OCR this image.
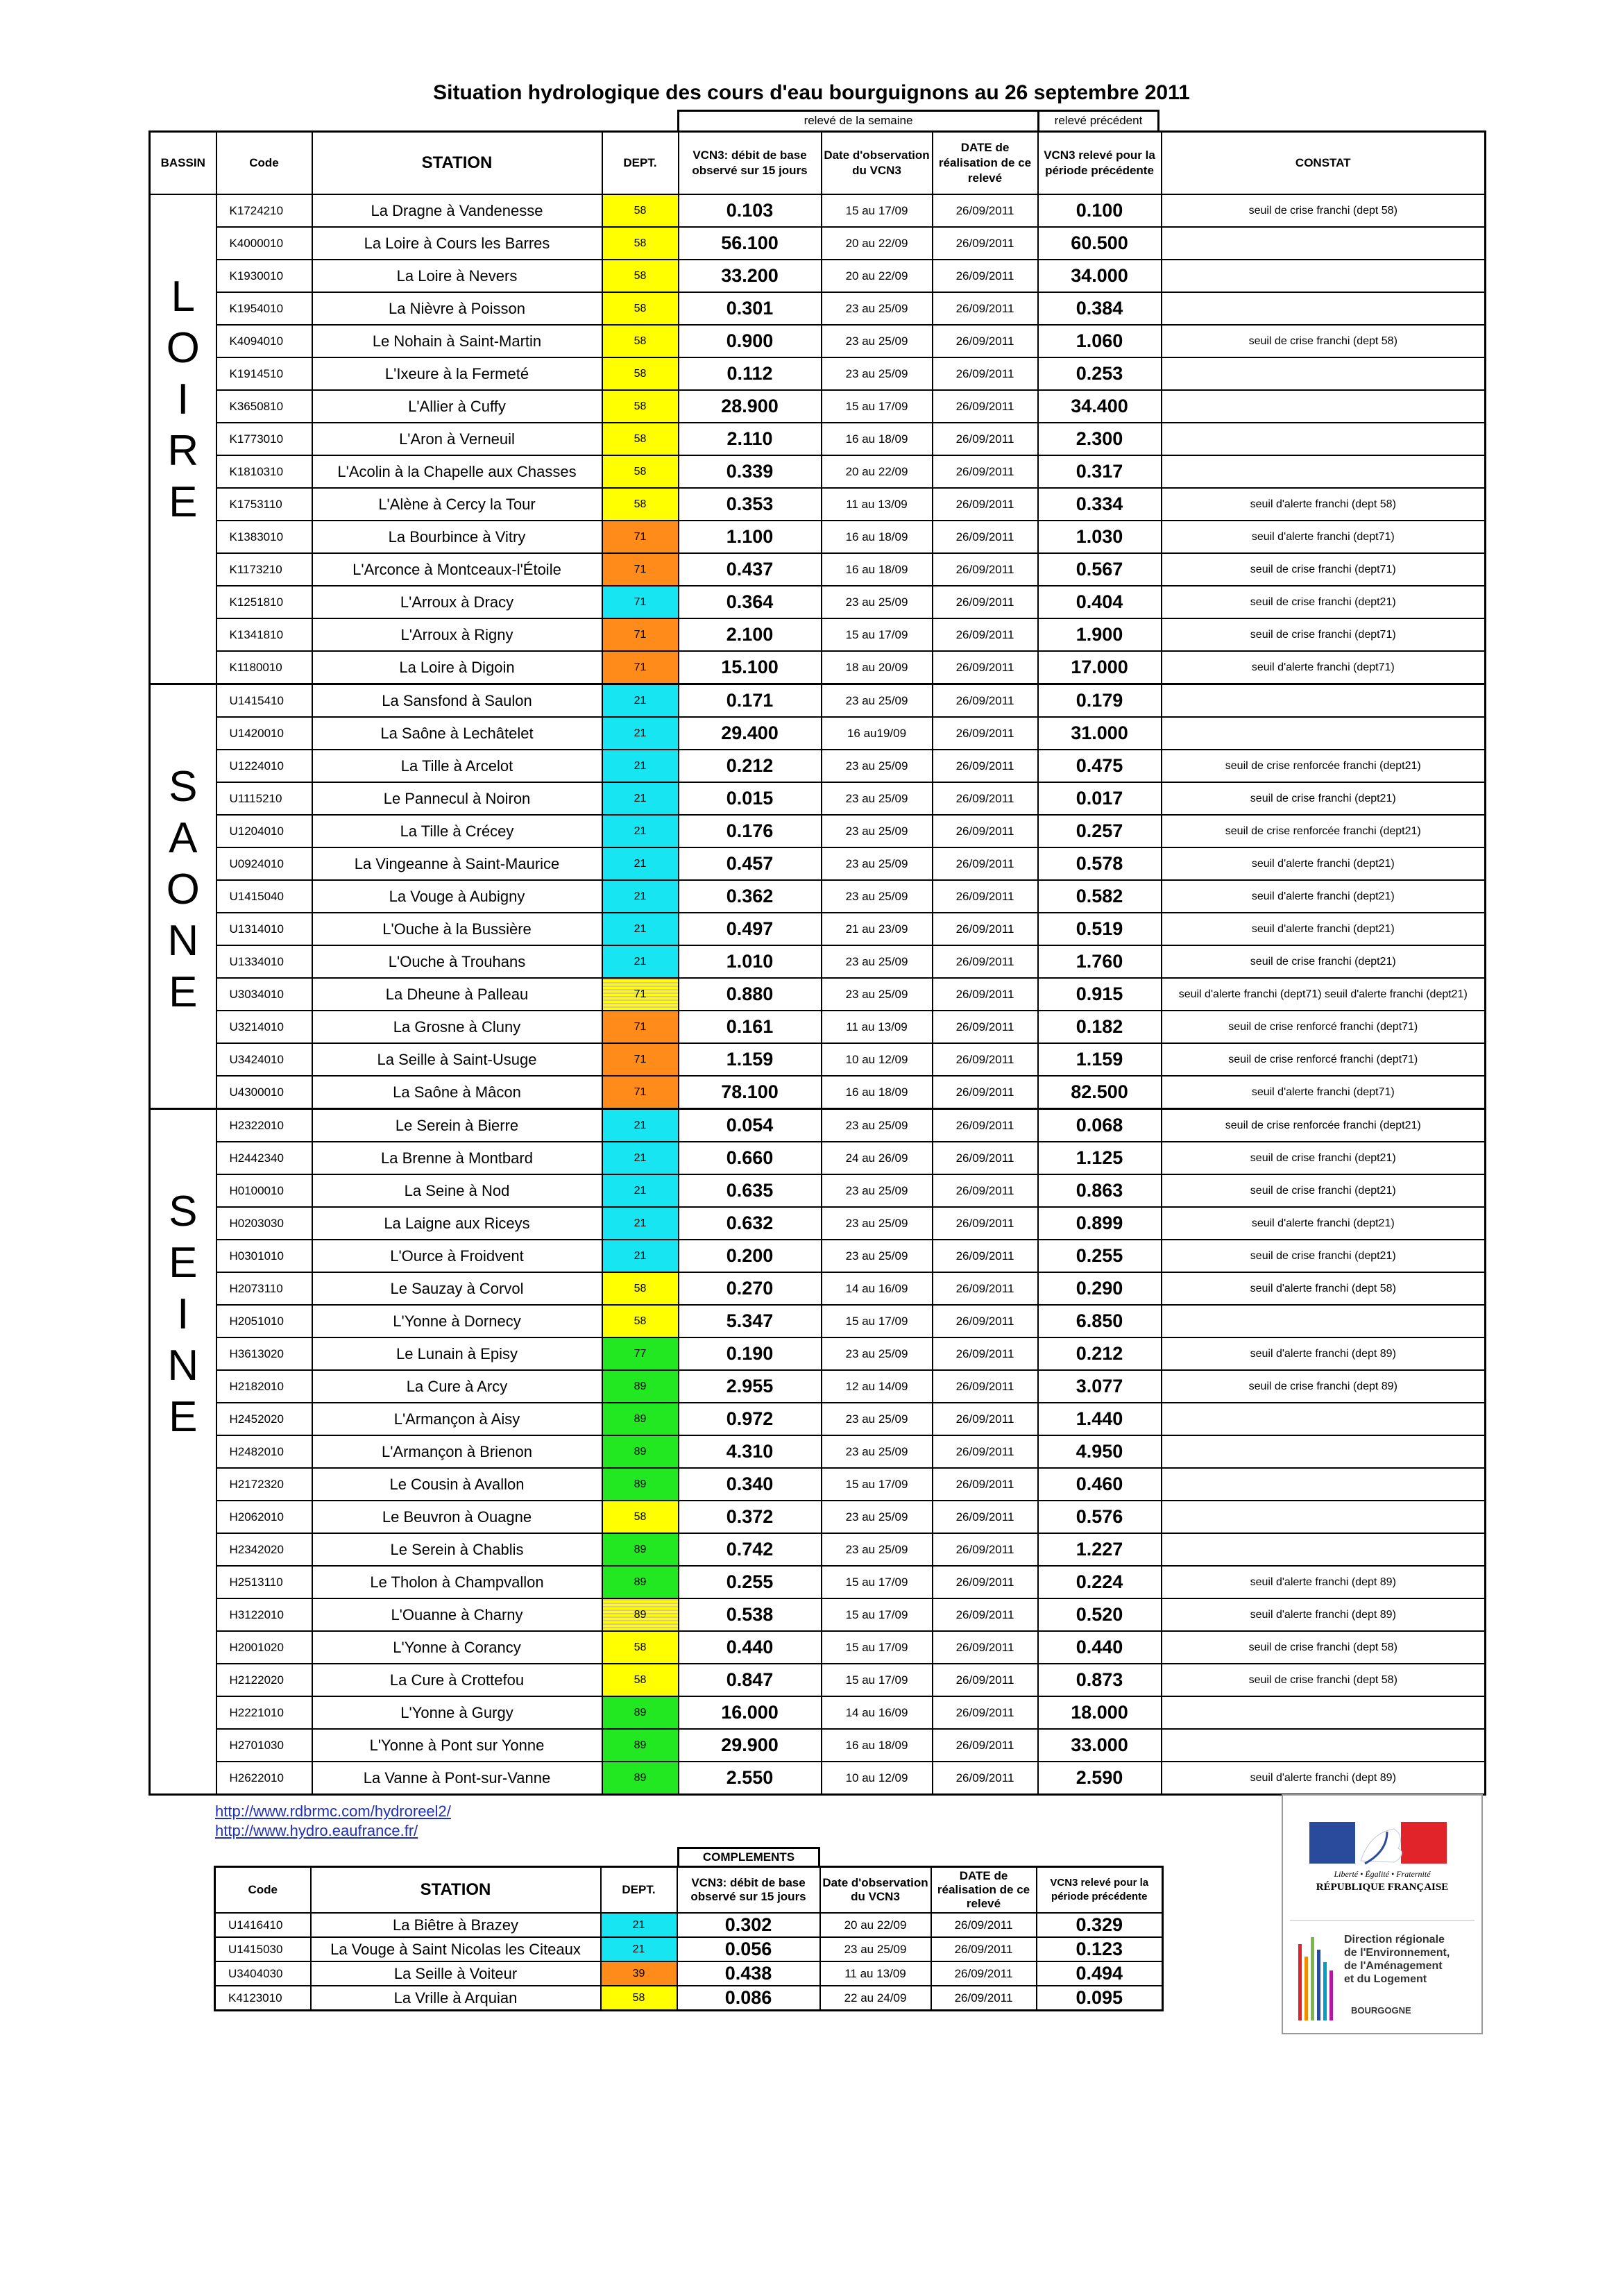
Situation hydrologique des cours d'eau bourguignons au 26 septembre 2011
relevé de la semaine	relevé précédent
BASSIN	Code	STATION	DEPT.	VCN3: débit de base observé sur 15 jours	Date d'observation du VCN3	DATE de réalisation de ce relevé	VCN3 relevé pour la période précédente	CONSTAT

L
O
I
R
E	K1724210	La Dragne à Vandenesse	58	0.103	15 au 17/09	26/09/2011	0.100	seuil de crise franchi (dept 58)
	K4000010	La Loire à Cours les Barres	58	56.100	20 au 22/09	26/09/2011	60.500	
	K1930010	La Loire à Nevers	58	33.200	20 au 22/09	26/09/2011	34.000	
	K1954010	La Nièvre à Poisson	58	0.301	23 au 25/09	26/09/2011	0.384	
	K4094010	Le Nohain à Saint-Martin	58	0.900	23 au 25/09	26/09/2011	1.060	seuil de crise franchi (dept 58)
	K1914510	L'Ixeure à la Fermeté	58	0.112	23 au 25/09	26/09/2011	0.253	
	K3650810	L'Allier à Cuffy	58	28.900	15 au 17/09	26/09/2011	34.400	
	K1773010	L'Aron à Verneuil	58	2.110	16 au 18/09	26/09/2011	2.300	
	K1810310	L'Acolin à la Chapelle aux Chasses	58	0.339	20 au 22/09	26/09/2011	0.317	
	K1753110	L'Alène à Cercy la Tour	58	0.353	11 au 13/09	26/09/2011	0.334	seuil d'alerte franchi (dept 58)
	K1383010	La Bourbince à Vitry	71	1.100	16 au 18/09	26/09/2011	1.030	seuil d'alerte franchi (dept71)
	K1173210	L'Arconce à Montceaux-l'Étoile	71	0.437	16 au 18/09	26/09/2011	0.567	seuil de crise franchi (dept71)
	K1251810	L'Arroux à Dracy	71	0.364	23 au 25/09	26/09/2011	0.404	seuil de crise franchi (dept21)
	K1341810	L'Arroux à Rigny	71	2.100	15 au 17/09	26/09/2011	1.900	seuil de crise franchi (dept71)
	K1180010	La Loire à Digoin	71	15.100	18 au 20/09	26/09/2011	17.000	seuil d'alerte franchi (dept71)

S
A
O
N
E	U1415410	La Sansfond à Saulon	21	0.171	23 au 25/09	26/09/2011	0.179	
	U1420010	La Saône à Lechâtelet	21	29.400	16 au19/09	26/09/2011	31.000	
	U1224010	La Tille à Arcelot	21	0.212	23 au 25/09	26/09/2011	0.475	seuil de crise renforcée franchi (dept21)
	U1115210	Le Pannecul à Noiron	21	0.015	23 au 25/09	26/09/2011	0.017	seuil de crise franchi (dept21)
	U1204010	La Tille à Crécey	21	0.176	23 au 25/09	26/09/2011	0.257	seuil de crise renforcée franchi (dept21)
	U0924010	La Vingeanne à Saint-Maurice	21	0.457	23 au 25/09	26/09/2011	0.578	seuil d'alerte franchi (dept21)
	U1415040	La Vouge à Aubigny	21	0.362	23 au 25/09	26/09/2011	0.582	seuil d'alerte franchi (dept21)
	U1314010	L'Ouche à la Bussière	21	0.497	21 au 23/09	26/09/2011	0.519	seuil d'alerte franchi (dept21)
	U1334010	L'Ouche à Trouhans	21	1.010	23 au 25/09	26/09/2011	1.760	seuil de crise franchi (dept21)
	U3034010	La Dheune à Palleau	71	0.880	23 au 25/09	26/09/2011	0.915	seuil d'alerte franchi (dept71) seuil d'alerte franchi (dept21)
	U3214010	La Grosne à Cluny	71	0.161	11 au 13/09	26/09/2011	0.182	seuil de crise renforcé franchi (dept71)
	U3424010	La Seille à Saint-Usuge	71	1.159	10 au 12/09	26/09/2011	1.159	seuil de crise renforcé franchi (dept71)
	U4300010	La Saône à Mâcon	71	78.100	16 au 18/09	26/09/2011	82.500	seuil d'alerte franchi (dept71)

S
E
I
N
E	H2322010	Le Serein à Bierre	21	0.054	23 au 25/09	26/09/2011	0.068	seuil de crise renforcée franchi (dept21)
	H2442340	La Brenne à Montbard	21	0.660	24 au 26/09	26/09/2011	1.125	seuil de crise franchi (dept21)
	H0100010	La Seine à Nod	21	0.635	23 au 25/09	26/09/2011	0.863	seuil de crise franchi (dept21)
	H0203030	La Laigne aux Riceys	21	0.632	23 au 25/09	26/09/2011	0.899	seuil d'alerte franchi (dept21)
	H0301010	L'Ource à Froidvent	21	0.200	23 au 25/09	26/09/2011	0.255	seuil de crise franchi (dept21)
	H2073110	Le Sauzay à Corvol	58	0.270	14 au 16/09	26/09/2011	0.290	seuil d'alerte franchi (dept 58)
	H2051010	L'Yonne à Dornecy	58	5.347	15 au 17/09	26/09/2011	6.850	
	H3613020	Le Lunain à Episy	77	0.190	23 au 25/09	26/09/2011	0.212	seuil d'alerte franchi (dept 89)
	H2182010	La Cure à Arcy	89	2.955	12 au 14/09	26/09/2011	3.077	seuil de crise franchi (dept 89)
	H2452020	L'Armançon à Aisy	89	0.972	23 au 25/09	26/09/2011	1.440	
	H2482010	L'Armançon à Brienon	89	4.310	23 au 25/09	26/09/2011	4.950	
	H2172320	Le Cousin à Avallon	89	0.340	15 au 17/09	26/09/2011	0.460	
	H2062010	Le Beuvron à Ouagne	58	0.372	23 au 25/09	26/09/2011	0.576	
	H2342020	Le Serein à Chablis	89	0.742	23 au 25/09	26/09/2011	1.227	
	H2513110	Le Tholon à Champvallon	89	0.255	15 au 17/09	26/09/2011	0.224	seuil d'alerte franchi (dept 89)
	H3122010	L'Ouanne à Charny	89	0.538	15 au 17/09	26/09/2011	0.520	seuil d'alerte franchi (dept 89)
	H2001020	L'Yonne à Corancy	58	0.440	15 au 17/09	26/09/2011	0.440	seuil de crise franchi (dept 58)
	H2122020	La Cure à Crottefou	58	0.847	15 au 17/09	26/09/2011	0.873	seuil de crise franchi (dept 58)
	H2221010	L'Yonne à Gurgy	89	16.000	14 au 16/09	26/09/2011	18.000	
	H2701030	L'Yonne à Pont sur Yonne	89	29.900	16 au 18/09	26/09/2011	33.000	
	H2622010	La Vanne à Pont-sur-Vanne	89	2.550	10 au 12/09	26/09/2011	2.590	seuil d'alerte franchi (dept 89)
http://www.rdbrmc.com/hydroreel2/
http://www.hydro.eaufrance.fr/
COMPLEMENTS
Code	STATION	DEPT.	VCN3: débit de base observé sur 15 jours	Date d'observation du VCN3	DATE de réalisation de ce relevé	VCN3 relevé pour la période précédente
U1416410	La Biêtre à Brazey	21	0.302	20 au 22/09	26/09/2011	0.329
U1415030	La Vouge à Saint Nicolas les Citeaux	21	0.056	23 au 25/09	26/09/2011	0.123
U3404030	La Seille à Voiteur	39	0.438	11 au 13/09	26/09/2011	0.494
K4123010	La Vrille à Arquian	58	0.086	22 au 24/09	26/09/2011	0.095
Liberté • Égalité • Fraternité
RÉPUBLIQUE FRANÇAISE
Direction régionale
de l'Environnement,
de l'Aménagement
et du Logement
BOURGOGNE
